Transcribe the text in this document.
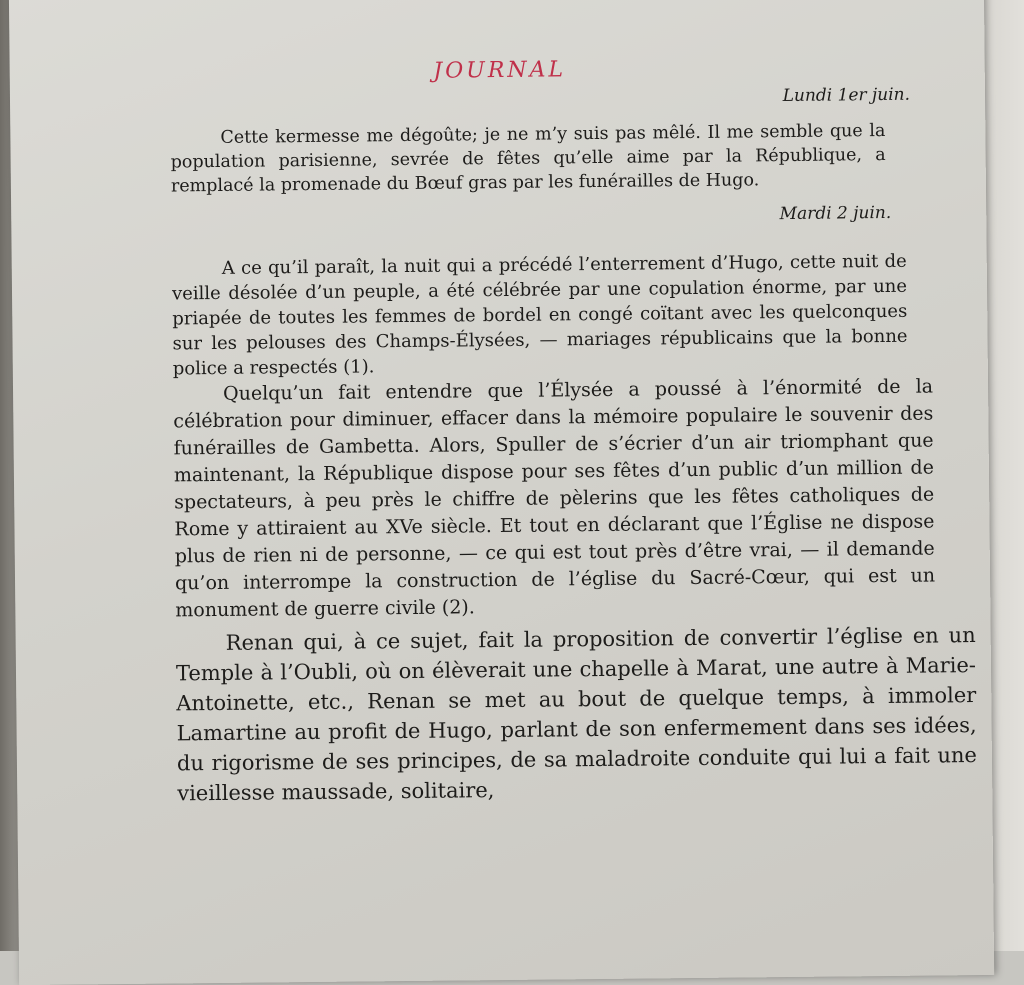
JOURNAL
Lundi 1er juin.

Cette kermesse me dégoûte; je ne m’y suis pas mêlé. Il me semble que la population parisienne, sevrée de fêtes qu’elle aime par la République, a remplacé la promenade du Bœuf gras par les funérailles de Hugo.

Mardi 2 juin.

A ce qu’il paraît, la nuit qui a précédé l’enterrement d’Hugo, cette nuit de veille désolée d’un peuple, a été célébrée par une copulation énorme, par une priapée de toutes les femmes de bordel en congé coïtant avec les quelconques sur les pelouses des Champs-Élysées, — mariages républicains que la bonne police a respectés (1).

Quelqu’un fait entendre que l’Élysée a poussé à l’énormité de la célébration pour diminuer, effacer dans la mémoire populaire le souvenir des funérailles de Gambetta. Alors, Spuller de s’écrier d’un air triomphant que maintenant, la République dispose pour ses fêtes d’un public d’un million de spectateurs, à peu près le chiffre de pèlerins que les fêtes catholiques de Rome y attiraient au XVe siècle. Et tout en déclarant que l’Église ne dispose plus de rien ni de personne, — ce qui est tout près d’être vrai, — il demande qu’on interrompe la construction de l’église du Sacré-Cœur, qui est un monument de guerre civile (2).

Renan qui, à ce sujet, fait la proposition de convertir l’église en un Temple à l’Oubli, où on élèverait une chapelle à Marat, une autre à Marie-Antoinette, etc., Renan se met au bout de quelque temps, à immoler Lamartine au profit de Hugo, parlant de son enfermement dans ses idées, du rigorisme de ses principes, de sa maladroite conduite qui lui a fait une vieillesse maussade, solitaire,
